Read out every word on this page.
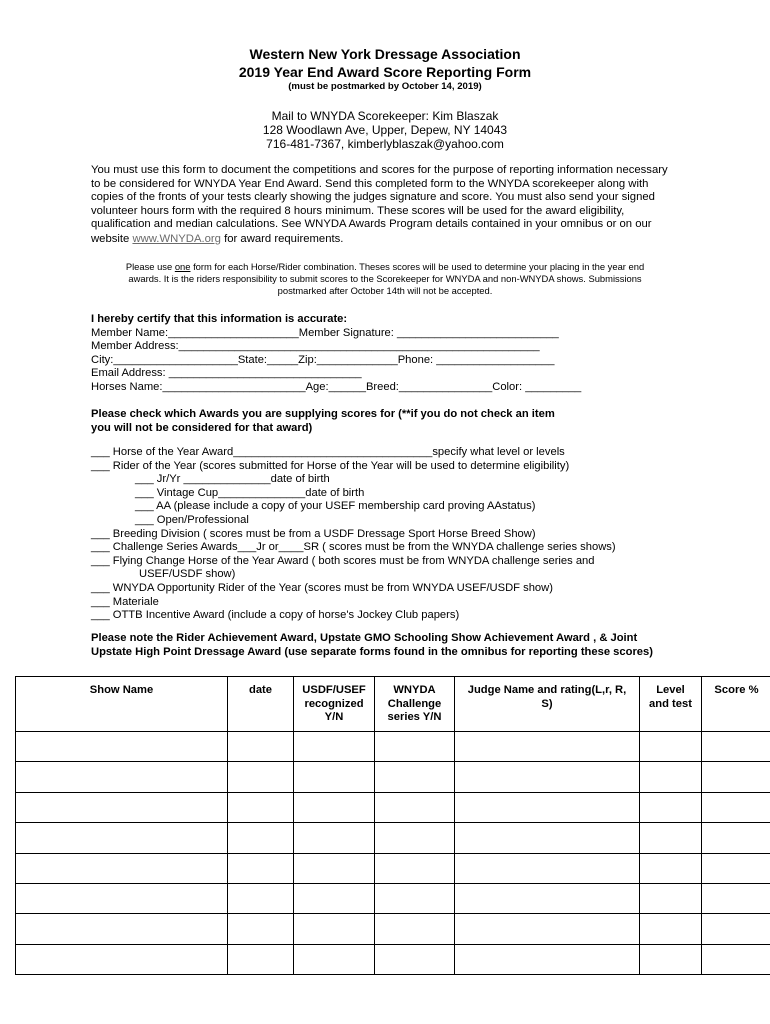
Western New York Dressage Association
2019 Year End Award Score Reporting Form
(must be postmarked by October 14, 2019)
Mail to WNYDA Scorekeeper: Kim Blaszak
128 Woodlawn Ave, Upper, Depew, NY 14043
716-481-7367, kimberlyblaszak@yahoo.com
You must use this form to document the competitions and scores for the purpose of reporting information necessary
to be considered for WNYDA Year End Award. Send this completed form to the WNYDA scorekeeper along with
copies of the fronts of your tests clearly showing the judges signature and score. You must also send your signed
volunteer hours form with the required 8 hours minimum. These scores will be used for the award eligibility,
qualification and median calculations. See WNYDA Awards Program details contained in your omnibus or on our
website www.WNYDA.org for award requirements.
Please use one form for each Horse/Rider combination. Theses scores will be used to determine your placing in the year end
awards. It is the riders responsibility to submit scores to the Scorekeeper for WNYDA and non-WNYDA shows. Submissions
postmarked after October 14th will not be accepted.
I hereby certify that this information is accurate:
Member Name:_____________________Member Signature: __________________________
Member Address:__________________________________________________________
City:____________________State:_____Zip:_____________Phone: ___________________
Email Address: _______________________________
Horses Name:_______________________Age:______Breed:_______________Color: _________
Please check which Awards you are supplying scores for (**if you do not check an item
you will not be considered for that award)
___ Horse of the Year Award________________________________specify what level or levels
___ Rider of the Year (scores submitted for Horse of the Year will be used to determine eligibility)
___ Jr/Yr ______________date of birth
___ Vintage Cup______________date of birth
___ AA (please include a copy of your USEF membership card proving AAstatus)
___ Open/Professional
___ Breeding Division ( scores must be from a USDF Dressage Sport Horse Breed Show)
___ Challenge Series Awards___Jr or____SR ( scores must be from the WNYDA challenge series shows)
___ Flying Change Horse of the Year Award ( both scores must be from WNYDA challenge series and
USEF/USDF show)
___ WNYDA Opportunity Rider of the Year (scores must be from WNYDA USEF/USDF show)
___ Materiale
___ OTTB Incentive Award (include a copy of horse's Jockey Club papers)
Please note the Rider Achievement Award, Upstate GMO Schooling Show Achievement Award , & Joint
Upstate High Point Dressage Award (use separate forms found in the omnibus for reporting these scores)
Show Name	date	USDF/USEF
recognized
Y/N	WNYDA
Challenge
series Y/N	Judge Name and rating(L,r, R,
S)	Level
and test	Score %
